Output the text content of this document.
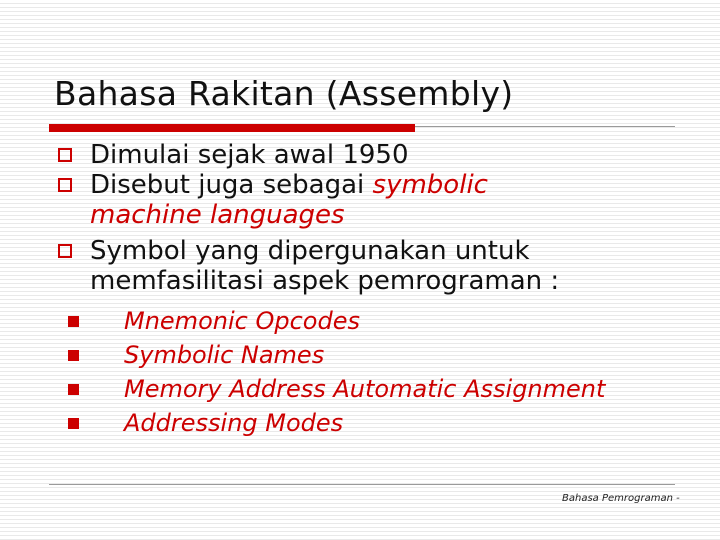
Bahasa Rakitan (Assembly)
Dimulai sejak awal 1950
Disebut juga sebagai symbolic
machine languages
Symbol yang dipergunakan untuk
memfasilitasi aspek pemrograman :
Mnemonic Opcodes
Symbolic Names
Memory Address Automatic Assignment
Addressing Modes
Bahasa Pemrograman -
